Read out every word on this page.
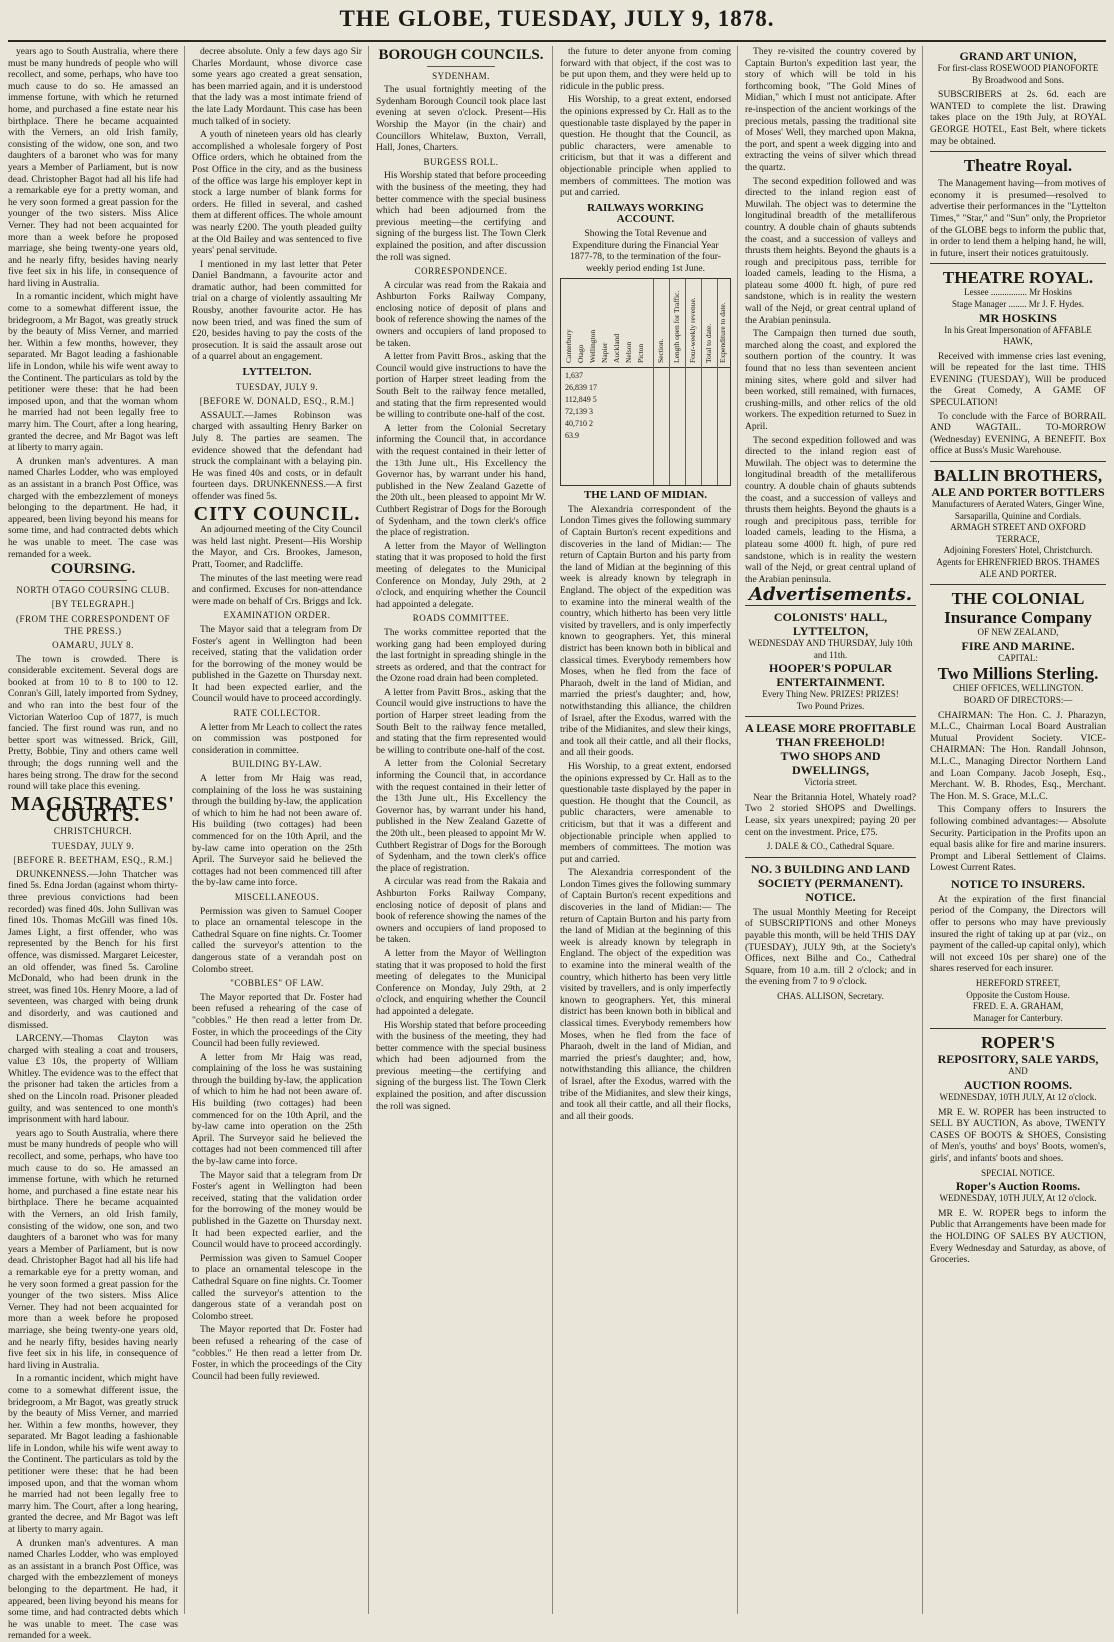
THE GLOBE, TUESDAY, JULY 9, 1878.

years ago to South Australia, where there must be many hundreds of people who will recollect, and some, perhaps, who have too much cause to do so. He amassed an immense fortune, with which he returned home, and purchased a fine estate near his birthplace. There he became acquainted with the Verners, an old Irish family, consisting of the widow, one son, and two daughters of a baronet who was for many years a Member of Parliament, but is now dead. Christopher Bagot had all his life had a remarkable eye for a pretty woman, and he very soon formed a great passion for the younger of the two sisters. Miss Alice Verner. They had not been acquainted for more than a week before he proposed marriage, she being twenty-one years old, and he nearly fifty, besides having nearly five feet six in his life, in consequence of hard living in Australia.

In a romantic incident, which might have come to a somewhat different issue, the bridegroom, a Mr Bagot, was greatly struck by the beauty of Miss Verner, and married her. Within a few months, however, they separated. Mr Bagot leading a fashionable life in London, while his wife went away to the Continent. The particulars as told by the petitioner were these: that he had been imposed upon, and that the woman whom he married had not been legally free to marry him. The Court, after a long hearing, granted the decree, and Mr Bagot was left at liberty to marry again.

A drunken man's adventures. A man named Charles Lodder, who was employed as an assistant in a branch Post Office, was charged with the embezzlement of moneys belonging to the department. He had, it appeared, been living beyond his means for some time, and had contracted debts which he was unable to meet. The case was remanded for a week.

COURSING.
NORTH OTAGO COURSING CLUB.
[BY TELEGRAPH.]
(FROM THE CORRESPONDENT OF THE PRESS.)
OAMARU, JULY 8.

The town is crowded. There is considerable excitement. Several dogs are booked at from 10 to 8 to 100 to 12. Conran's Gill, lately imported from Sydney, and who ran into the best four of the Victorian Waterloo Cup of 1877, is much fancied. The first round was run, and no better sport was witnessed. Brick, Gill, Pretty, Bobbie, Tiny and others came well through; the dogs running well and the hares being strong. The draw for the second round will take place this evening.

MAGISTRATES' COURTS.
CHRISTCHURCH.
TUESDAY, JULY 9.
[BEFORE R. BEETHAM, ESQ., R.M.]

DRUNKENNESS.—John Thatcher was fined 5s. Edna Jordan (against whom thirty-three previous convictions had been recorded) was fined 40s. John Sullivan was fined 10s. Thomas McGill was fined 10s. James Light, a first offender, who was represented by the Bench for his first offence, was dismissed. Margaret Leicester, an old offender, was fined 5s. Caroline McDonald, who had been drunk in the street, was fined 10s. Henry Moore, a lad of seventeen, was charged with being drunk and disorderly, and was cautioned and dismissed.

LARCENY.—Thomas Clayton was charged with stealing a coat and trousers, value £3 10s, the property of William Whitley. The evidence was to the effect that the prisoner had taken the articles from a shed on the Lincoln road. Prisoner pleaded guilty, and was sentenced to one month's imprisonment with hard labour.

years ago to South Australia, where there must be many hundreds of people who will recollect, and some, perhaps, who have too much cause to do so. He amassed an immense fortune, with which he returned home, and purchased a fine estate near his birthplace. There he became acquainted with the Verners, an old Irish family, consisting of the widow, one son, and two daughters of a baronet who was for many years a Member of Parliament, but is now dead. Christopher Bagot had all his life had a remarkable eye for a pretty woman, and he very soon formed a great passion for the younger of the two sisters. Miss Alice Verner. They had not been acquainted for more than a week before he proposed marriage, she being twenty-one years old, and he nearly fifty, besides having nearly five feet six in his life, in consequence of hard living in Australia.

In a romantic incident, which might have come to a somewhat different issue, the bridegroom, a Mr Bagot, was greatly struck by the beauty of Miss Verner, and married her. Within a few months, however, they separated. Mr Bagot leading a fashionable life in London, while his wife went away to the Continent. The particulars as told by the petitioner were these: that he had been imposed upon, and that the woman whom he married had not been legally free to marry him. The Court, after a long hearing, granted the decree, and Mr Bagot was left at liberty to marry again.

A drunken man's adventures. A man named Charles Lodder, who was employed as an assistant in a branch Post Office, was charged with the embezzlement of moneys belonging to the department. He had, it appeared, been living beyond his means for some time, and had contracted debts which he was unable to meet. The case was remanded for a week.

decree absolute. Only a few days ago Sir Charles Mordaunt, whose divorce case some years ago created a great sensation, has been married again, and it is understood that the lady was a most intimate friend of the late Lady Mordaunt. This case has been much talked of in society.

A youth of nineteen years old has clearly accomplished a wholesale forgery of Post Office orders, which he obtained from the Post Office in the city, and as the business of the office was large his employer kept in stock a large number of blank forms for orders. He filled in several, and cashed them at different offices. The whole amount was nearly £200. The youth pleaded guilty at the Old Bailey and was sentenced to five years' penal servitude.

I mentioned in my last letter that Peter Daniel Bandmann, a favourite actor and dramatic author, had been committed for trial on a charge of violently assaulting Mr Rousby, another favourite actor. He has now been tried, and was fined the sum of £20, besides having to pay the costs of the prosecution. It is said the assault arose out of a quarrel about an engagement.

LYTTELTON.
TUESDAY, JULY 9.
[BEFORE W. DONALD, ESQ., R.M.]

ASSAULT.—James Robinson was charged with assaulting Henry Barker on July 8. The parties are seamen. The evidence showed that the defendant had struck the complainant with a belaying pin. He was fined 40s and costs, or in default fourteen days. DRUNKENNESS.—A first offender was fined 5s.

CITY COUNCIL.

An adjourned meeting of the City Council was held last night. Present—His Worship the Mayor, and Crs. Brookes, Jameson, Pratt, Toomer, and Radcliffe.

The minutes of the last meeting were read and confirmed. Excuses for non-attendance were made on behalf of Crs. Briggs and Ick.

EXAMINATION ORDER.

The Mayor said that a telegram from Dr Foster's agent in Wellington had been received, stating that the validation order for the borrowing of the money would be published in the Gazette on Thursday next. It had been expected earlier, and the Council would have to proceed accordingly.

RATE COLLECTOR.

A letter from Mr Leach to collect the rates on commission was postponed for consideration in committee.

BUILDING BY-LAW.

A letter from Mr Haig was read, complaining of the loss he was sustaining through the building by-law, the application of which to him he had not been aware of. His building (two cottages) had been commenced for on the 10th April, and the by-law came into operation on the 25th April. The Surveyor said he believed the cottages had not been commenced till after the by-law came into force.

MISCELLANEOUS.

Permission was given to Samuel Cooper to place an ornamental telescope in the Cathedral Square on fine nights. Cr. Toomer called the surveyor's attention to the dangerous state of a verandah post on Colombo street.

"COBBLES" OF LAW.

The Mayor reported that Dr. Foster had been refused a rehearing of the case of "cobbles." He then read a letter from Dr. Foster, in which the proceedings of the City Council had been fully reviewed.

A letter from Mr Haig was read, complaining of the loss he was sustaining through the building by-law, the application of which to him he had not been aware of. His building (two cottages) had been commenced for on the 10th April, and the by-law came into operation on the 25th April. The Surveyor said he believed the cottages had not been commenced till after the by-law came into force.

The Mayor said that a telegram from Dr Foster's agent in Wellington had been received, stating that the validation order for the borrowing of the money would be published in the Gazette on Thursday next. It had been expected earlier, and the Council would have to proceed accordingly.

Permission was given to Samuel Cooper to place an ornamental telescope in the Cathedral Square on fine nights. Cr. Toomer called the surveyor's attention to the dangerous state of a verandah post on Colombo street.

The Mayor reported that Dr. Foster had been refused a rehearing of the case of "cobbles." He then read a letter from Dr. Foster, in which the proceedings of the City Council had been fully reviewed.

BOROUGH COUNCILS.
SYDENHAM.

The usual fortnightly meeting of the Sydenham Borough Council took place last evening at seven o'clock. Present—His Worship the Mayor (in the chair) and Councillors Whitelaw, Buxton, Verrall, Hall, Jones, Charters.

BURGESS ROLL.

His Worship stated that before proceeding with the business of the meeting, they had better commence with the special business which had been adjourned from the previous meeting—the certifying and signing of the burgess list. The Town Clerk explained the position, and after discussion the roll was signed.

CORRESPONDENCE.

A circular was read from the Rakaia and Ashburton Forks Railway Company, enclosing notice of deposit of plans and book of reference showing the names of the owners and occupiers of land proposed to be taken.

A letter from Pavitt Bros., asking that the Council would give instructions to have the portion of Harper street leading from the South Belt to the railway fence metalled, and stating that the firm represented would be willing to contribute one-half of the cost.

A letter from the Colonial Secretary informing the Council that, in accordance with the request contained in their letter of the 13th June ult., His Excellency the Governor has, by warrant under his hand, published in the New Zealand Gazette of the 20th ult., been pleased to appoint Mr W. Cuthbert Registrar of Dogs for the Borough of Sydenham, and the town clerk's office the place of registration.

A letter from the Mayor of Wellington stating that it was proposed to hold the first meeting of delegates to the Municipal Conference on Monday, July 29th, at 2 o'clock, and enquiring whether the Council had appointed a delegate.

ROADS COMMITTEE.

The works committee reported that the working gang had been employed during the last fortnight in spreading shingle in the streets as ordered, and that the contract for the Ozone road drain had been completed.

A letter from Pavitt Bros., asking that the Council would give instructions to have the portion of Harper street leading from the South Belt to the railway fence metalled, and stating that the firm represented would be willing to contribute one-half of the cost.

A letter from the Colonial Secretary informing the Council that, in accordance with the request contained in their letter of the 13th June ult., His Excellency the Governor has, by warrant under his hand, published in the New Zealand Gazette of the 20th ult., been pleased to appoint Mr W. Cuthbert Registrar of Dogs for the Borough of Sydenham, and the town clerk's office the place of registration.

A circular was read from the Rakaia and Ashburton Forks Railway Company, enclosing notice of deposit of plans and book of reference showing the names of the owners and occupiers of land proposed to be taken.

A letter from the Mayor of Wellington stating that it was proposed to hold the first meeting of delegates to the Municipal Conference on Monday, July 29th, at 2 o'clock, and enquiring whether the Council had appointed a delegate.

His Worship stated that before proceeding with the business of the meeting, they had better commence with the special business which had been adjourned from the previous meeting—the certifying and signing of the burgess list. The Town Clerk explained the position, and after discussion the roll was signed.

the future to deter anyone from coming forward with that object, if the cost was to be put upon them, and they were held up to ridicule in the public press.

His Worship, to a great extent, endorsed the opinions expressed by Cr. Hall as to the questionable taste displayed by the paper in question. He thought that the Council, as public characters, were amenable to criticism, but that it was a different and objectionable principle when applied to members of committees. The motion was put and carried.

RAILWAYS WORKING ACCOUNT.

Showing the Total Revenue and Expenditure during the Financial Year 1877-78, to the termination of the four-weekly period ending 1st June.

Canterbury Otago Wellington Napier Auckland Nelson Picton	Section. Length open for Traffic. Four-weekly revenue. Total to date. Expenditure to date.
1,637
26,839 17
112,849 5
72,139 3
40,710 2
63.9
THE LAND OF MIDIAN.

The Alexandria correspondent of the London Times gives the following summary of Captain Burton's recent expeditions and discoveries in the land of Midian:— The return of Captain Burton and his party from the land of Midian at the beginning of this week is already known by telegraph in England. The object of the expedition was to examine into the mineral wealth of the country, which hitherto has been very little visited by travellers, and is only imperfectly known to geographers. Yet, this mineral district has been known both in biblical and classical times. Everybody remembers how Moses, when he fled from the face of Pharaoh, dwelt in the land of Midian, and married the priest's daughter; and, how, notwithstanding this alliance, the children of Israel, after the Exodus, warred with the tribe of the Midianites, and slew their kings, and took all their cattle, and all their flocks, and all their goods.

His Worship, to a great extent, endorsed the opinions expressed by Cr. Hall as to the questionable taste displayed by the paper in question. He thought that the Council, as public characters, were amenable to criticism, but that it was a different and objectionable principle when applied to members of committees. The motion was put and carried.

The Alexandria correspondent of the London Times gives the following summary of Captain Burton's recent expeditions and discoveries in the land of Midian:— The return of Captain Burton and his party from the land of Midian at the beginning of this week is already known by telegraph in England. The object of the expedition was to examine into the mineral wealth of the country, which hitherto has been very little visited by travellers, and is only imperfectly known to geographers. Yet, this mineral district has been known both in biblical and classical times. Everybody remembers how Moses, when he fled from the face of Pharaoh, dwelt in the land of Midian, and married the priest's daughter; and, how, notwithstanding this alliance, the children of Israel, after the Exodus, warred with the tribe of the Midianites, and slew their kings, and took all their cattle, and all their flocks, and all their goods.

They re-visited the country covered by Captain Burton's expedition last year, the story of which will be told in his forthcoming book, "The Gold Mines of Midian," which I must not anticipate. After re-inspection of the ancient workings of the precious metals, passing the traditional site of Moses' Well, they marched upon Makna, the port, and spent a week digging into and extracting the veins of silver which thread the quartz.

The second expedition followed and was directed to the inland region east of Muwilah. The object was to determine the longitudinal breadth of the metalliferous country. A double chain of ghauts subtends the coast, and a succession of valleys and thrusts them heights. Beyond the ghauts is a rough and precipitous pass, terrible for loaded camels, leading to the Hisma, a plateau some 4000 ft. high, of pure red sandstone, which is in reality the western wall of the Nejd, or great central upland of the Arabian peninsula.

The Campaign then turned due south, marched along the coast, and explored the southern portion of the country. It was found that no less than seventeen ancient mining sites, where gold and silver had been worked, still remained, with furnaces, crushing-mills, and other relics of the old workers. The expedition returned to Suez in April.

The second expedition followed and was directed to the inland region east of Muwilah. The object was to determine the longitudinal breadth of the metalliferous country. A double chain of ghauts subtends the coast, and a succession of valleys and thrusts them heights. Beyond the ghauts is a rough and precipitous pass, terrible for loaded camels, leading to the Hisma, a plateau some 4000 ft. high, of pure red sandstone, which is in reality the western wall of the Nejd, or great central upland of the Arabian peninsula.

Advertisements.
COLONISTS' HALL, LYTTELTON,
WEDNESDAY AND THURSDAY, July 10th and 11th.
HOOPER'S POPULAR ENTERTAINMENT.
Every Thing New. PRIZES! PRIZES!
Two Pound Prizes.
A LEASE MORE PROFITABLE THAN FREEHOLD!
TWO SHOPS AND DWELLINGS,
Victoria street.

Near the Britannia Hotel, Whately road? Two 2 storied SHOPS and Dwellings. Lease, six years unexpired; paying 20 per cent on the investment. Price, £75.

J. DALE & CO., Cathedral Square.
NO. 3 BUILDING AND LAND SOCIETY (PERMANENT).
NOTICE.

The usual Monthly Meeting for Receipt of SUBSCRIPTIONS and other Moneys payable this month, will be held THIS DAY (TUESDAY), JULY 9th, at the Society's Offices, next Bilhe and Co., Cathedral Square, from 10 a.m. till 2 o'clock; and in the evening from 7 to 9 o'clock.

CHAS. ALLISON, Secretary.
GRAND ART UNION,
For first-class ROSEWOOD PIANOFORTE
By Broadwood and Sons.

SUBSCRIBERS at 2s. 6d. each are WANTED to complete the list. Drawing takes place on the 19th July, at ROYAL GEORGE HOTEL, East Belt, where tickets may be obtained.

Theatre Royal.

The Management having—from motives of economy it is presumed—resolved to advertise their performances in the "Lyttelton Times," "Star," and "Sun" only, the Proprietor of the GLOBE begs to inform the public that, in order to lend them a helping hand, he will, in future, insert their notices gratuitously.

THEATRE ROYAL.
Lessee ................ Mr Hoskins
Stage Manager ........ Mr J. F. Hydes.
MR HOSKINS
In his Great Impersonation of AFFABLE HAWK,

Received with immense cries last evening, will be repeated for the last time. THIS EVENING (TUESDAY), Will be produced the Great Comedy, A GAME OF SPECULATION!

To conclude with the Farce of BORRAIL AND WAGTAIL. TO-MORROW (Wednesday) EVENING, A BENEFIT. Box office at Buss's Music Warehouse.

BALLIN BROTHERS,
ALE AND PORTER BOTTLERS
Manufacturers of Aerated Waters, Ginger Wine, Sarsaparilla, Quinine and Cordials.
ARMAGH STREET AND OXFORD TERRACE,
Adjoining Foresters' Hotel, Christchurch.
Agents for EHRENFRIED BROS. THAMES ALE AND PORTER.
THE COLONIAL
Insurance Company
OF NEW ZEALAND,
FIRE AND MARINE.
CAPITAL:
Two Millions Sterling.
CHIEF OFFICES, WELLINGTON.
BOARD OF DIRECTORS:—

CHAIRMAN: The Hon. C. J. Pharazyn, M.L.C., Chairman Local Board Australian Mutual Provident Society. VICE-CHAIRMAN: The Hon. Randall Johnson, M.L.C., Managing Director Northern Land and Loan Company. Jacob Joseph, Esq., Merchant. W. B. Rhodes, Esq., Merchant. The Hon. M. S. Grace, M.L.C.

This Company offers to Insurers the following combined advantages:— Absolute Security. Participation in the Profits upon an equal basis alike for fire and marine insurers. Prompt and Liberal Settlement of Claims. Lowest Current Rates.

NOTICE TO INSURERS.

At the expiration of the first financial period of the Company, the Directors will offer to persons who may have previously insured the right of taking up at par (viz., on payment of the called-up capital only), which will not exceed 10s per share) one of the shares reserved for each insurer.

HEREFORD STREET,
Opposite the Custom House.
FRED. E. A. GRAHAM,
Manager for Canterbury.
ROPER'S
REPOSITORY, SALE YARDS,
AND
AUCTION ROOMS.
WEDNESDAY, 10TH JULY, At 12 o'clock.

MR E. W. ROPER has been instructed to SELL BY AUCTION, As above, TWENTY CASES OF BOOTS & SHOES, Consisting of Men's, youths' and boys' Boots, women's, girls', and infants' boots and shoes.

SPECIAL NOTICE.
Roper's Auction Rooms.
WEDNESDAY, 10TH JULY, At 12 o'clock.

MR E. W. ROPER begs to inform the Public that Arrangements have been made for the HOLDING OF SALES BY AUCTION, Every Wednesday and Saturday, as above, of Groceries.
